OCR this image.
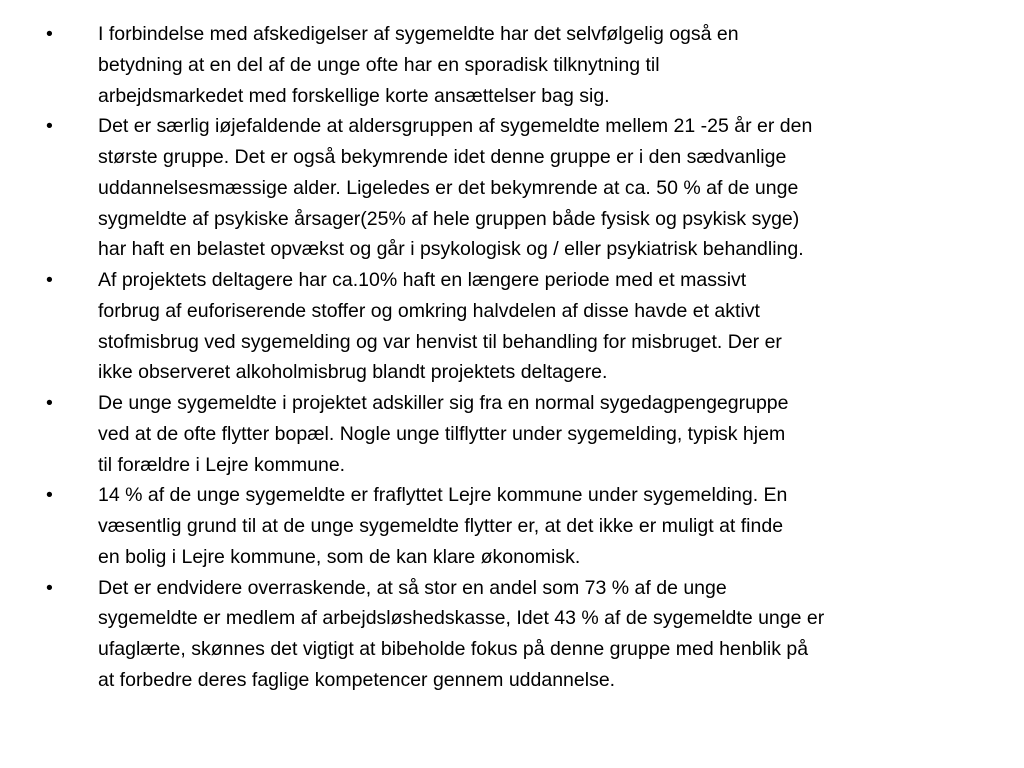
• I forbindelse med afskedigelser af sygemeldte har det selvfølgelig også en
betydning at en del af de unge ofte har en sporadisk tilknytning til
arbejdsmarkedet med forskellige korte ansættelser bag sig.
• Det er særlig iøjefaldende at aldersgruppen af sygemeldte mellem 21 -25 år er den
største gruppe. Det er også bekymrende idet denne gruppe er i den sædvanlige
uddannelsesmæssige alder. Ligeledes er det bekymrende at ca. 50 % af de unge
sygmeldte af psykiske årsager(25% af hele gruppen både fysisk og psykisk syge)
har haft en belastet opvækst og går i psykologisk og / eller psykiatrisk behandling.
• Af projektets deltagere har ca.10% haft en længere periode med et massivt
forbrug af euforiserende stoffer og omkring halvdelen af disse havde et aktivt
stofmisbrug ved sygemelding og var henvist til behandling for misbruget. Der er
ikke observeret alkoholmisbrug blandt projektets deltagere.
• De unge sygemeldte i projektet adskiller sig fra en normal sygedagpengegruppe
ved at de ofte flytter bopæl. Nogle unge tilflytter under sygemelding, typisk hjem
til forældre i Lejre kommune.
• 14 % af de unge sygemeldte er fraflyttet Lejre kommune under sygemelding. En
væsentlig grund til at de unge sygemeldte flytter er, at det ikke er muligt at finde
en bolig i Lejre kommune, som de kan klare økonomisk.
• Det er endvidere overraskende, at så stor en andel som 73 % af de unge
sygemeldte er medlem af arbejdsløshedskasse, Idet 43 % af de sygemeldte unge er
ufaglærte, skønnes det vigtigt at bibeholde fokus på denne gruppe med henblik på
at forbedre deres faglige kompetencer gennem uddannelse.
